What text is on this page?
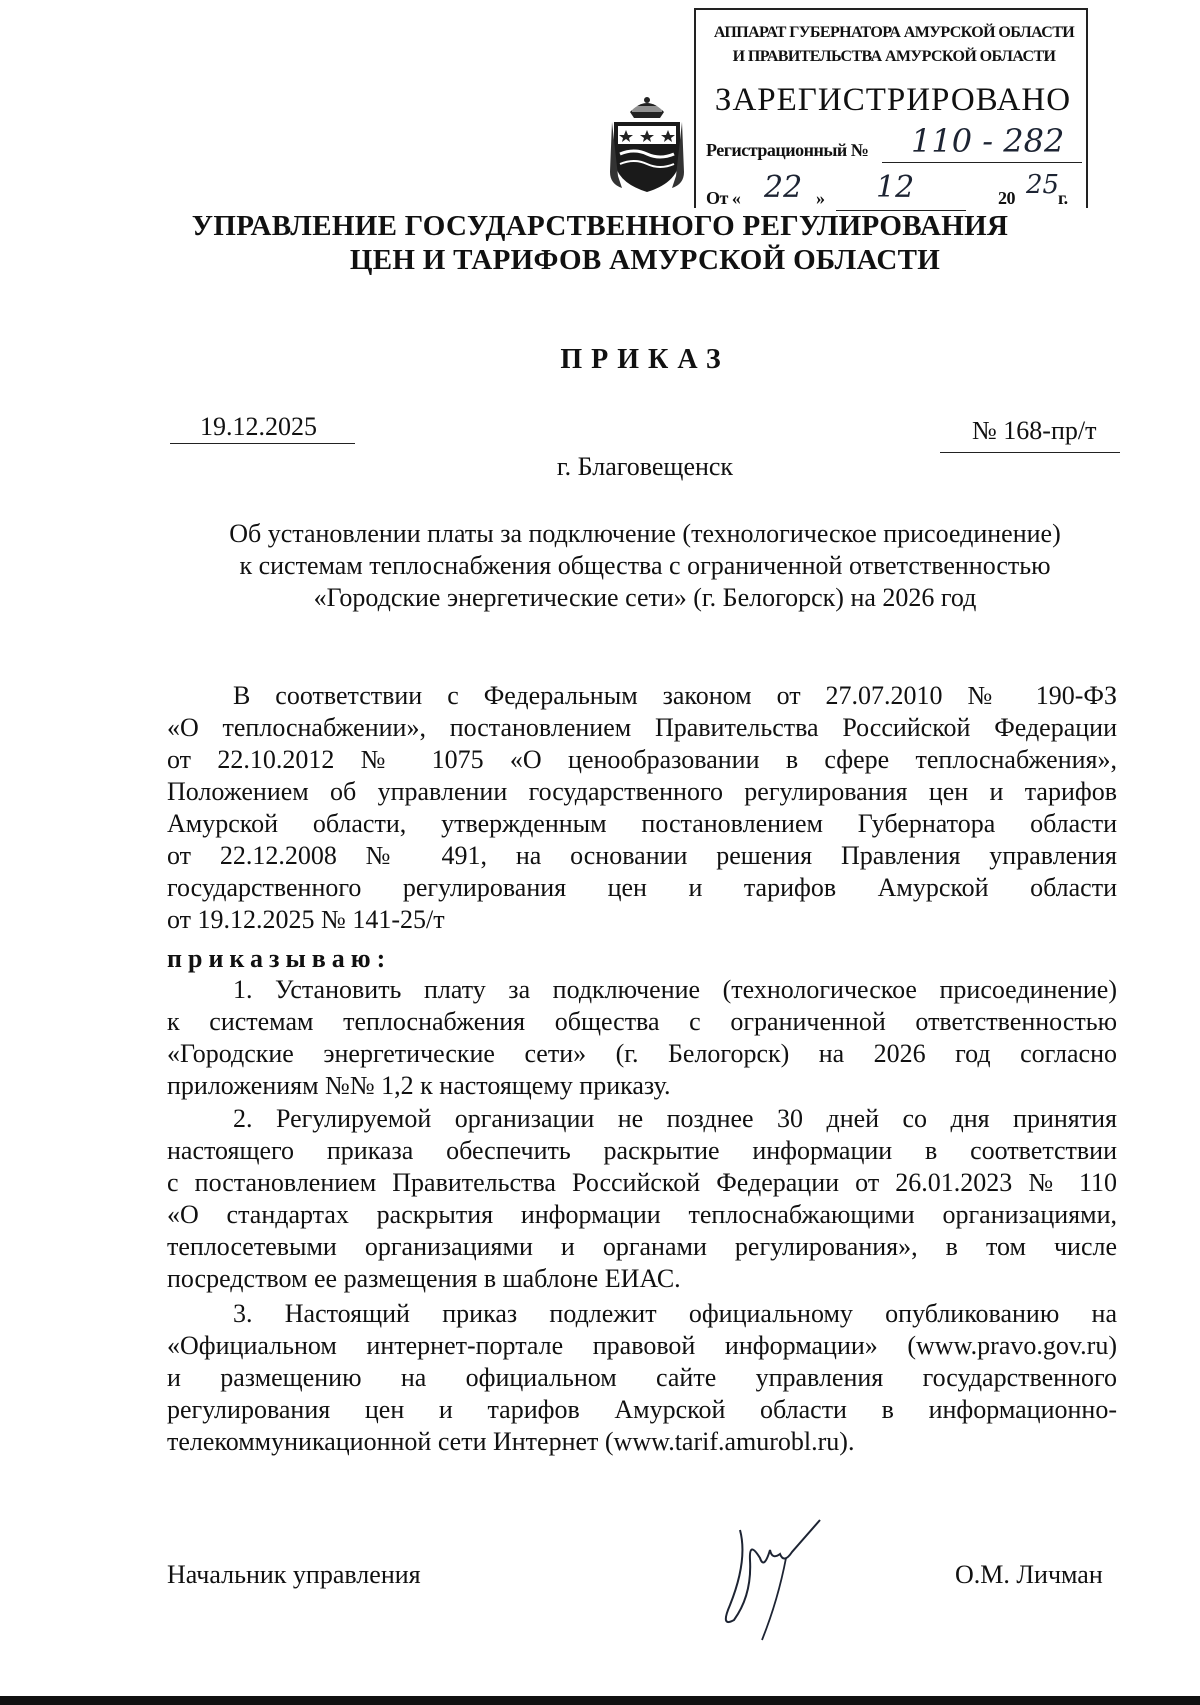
АППАРАТ ГУБЕРНАТОРА АМУРСКОЙ ОБЛАСТИ
И ПРАВИТЕЛЬСТВА АМУРСКОЙ ОБЛАСТИ
ЗАРЕГИСТРИРОВАНО
Регистрационный № 110 - 282
От « 22 » 12	20 25
г.
УПРАВЛЕНИЕ ГОСУДАРСТВЕННОГО РЕГУЛИРОВАНИЯ
ЦЕН И ТАРИФОВ АМУРСКОЙ ОБЛАСТИ
ПРИКАЗ
19.12.2025	№ 168-пр/т
г. Благовещенск
Об установлении платы за подключение (технологическое присоединение)
к системам теплоснабжения общества с ограниченной ответственностью
«Городские энергетические сети» (г. Белогорск) на 2026 год
В соответствии с Федеральным законом от 27.07.2010 № 190-ФЗ
«О теплоснабжении», постановлением Правительства Российской Федерации
от 22.10.2012 № 1075 «О ценообразовании в сфере теплоснабжения»,
Положением об управлении государственного регулирования цен и тарифов
Амурской области, утвержденным постановлением Губернатора области
от 22.12.2008 № 491, на основании решения Правления управления
государственного регулирования цен и тарифов Амурской области
от 19.12.2025 № 141-25/т
приказываю:
1. Установить плату за подключение (технологическое присоединение)
к системам теплоснабжения общества с ограниченной ответственностью
«Городские энергетические сети» (г. Белогорск) на 2026 год согласно
приложениям №№ 1,2 к настоящему приказу.
2. Регулируемой организации не позднее 30 дней со дня принятия
настоящего приказа обеспечить раскрытие информации в соответствии
с постановлением Правительства Российской Федерации от 26.01.2023 № 110
«О стандартах раскрытия информации теплоснабжающими организациями,
теплосетевыми организациями и органами регулирования», в том числе
посредством ее размещения в шаблоне ЕИАС.
3. Настоящий приказ подлежит официальному опубликованию на
«Официальном интернет-портале правовой информации» (www.pravo.gov.ru)
и размещению на официальном сайте управления государственного
регулирования цен и тарифов Амурской области в информационно-
телекоммуникационной сети Интернет (www.tarif.amurobl.ru).
Начальник управления	О.М. Личман
